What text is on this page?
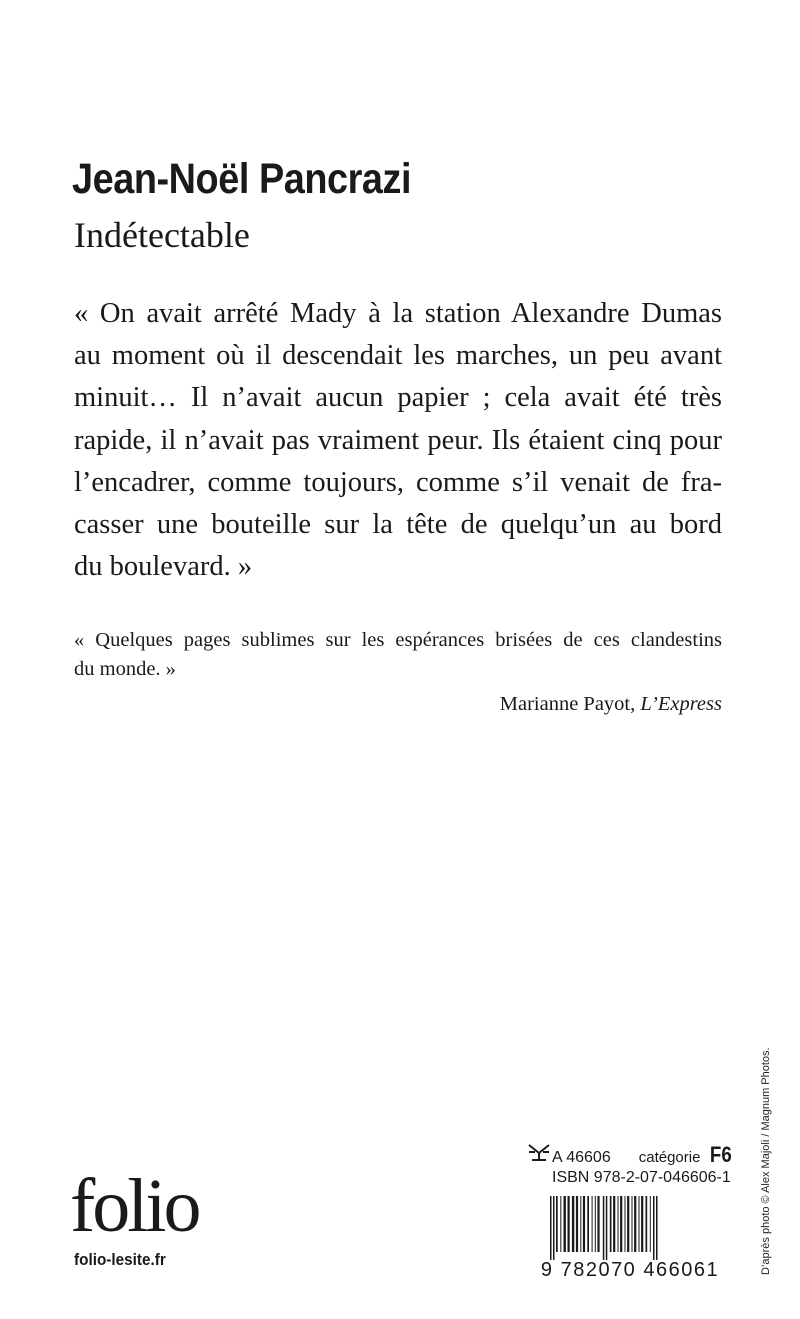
Jean-Noël Pancrazi
Indétectable
« On avait arrêté Mady à la station Alexandre Dumas
au moment où il descendait les marches, un peu avant
minuit… Il n’avait aucun papier ; cela avait été très
rapide, il n’avait pas vraiment peur. Ils étaient cinq pour
l’encadrer, comme toujours, comme s’il venait de fra-
casser une bouteille sur la tête de quelqu’un au bord
du boulevard. »
« Quelques pages sublimes sur les espérances brisées de ces clandestins
du monde. »
Marianne Payot, L’Express
D’après photo © Alex Majoli / Magnum Photos.
folio
folio-lesite.fr
A 46606 catégorie F6
ISBN 978-2-07-046606-1
9 782070 466061
